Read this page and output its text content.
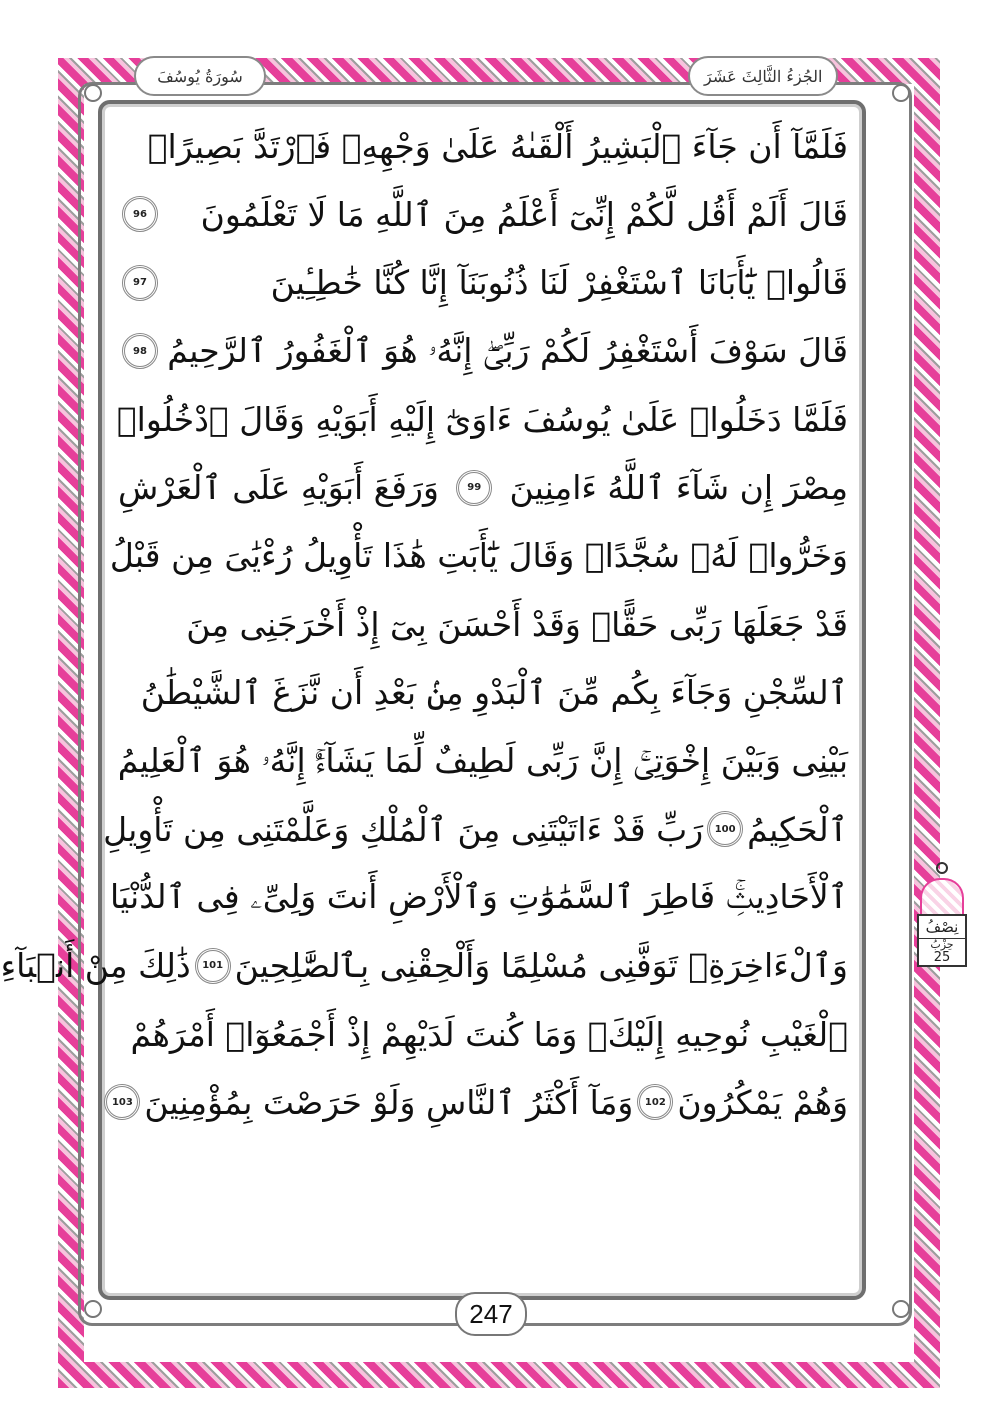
الجُزءُ الثَّالِثَ عَشَرَ
سُورَةُ يُوسُفَ
فَلَمَّآ أَن جَآءَ ٱلْبَشِيرُ أَلْقَىٰهُ عَلَىٰ وَجْهِهِۦ فَٱرْتَدَّ بَصِيرًاۖ
قَالَ أَلَمْ أَقُل لَّكُمْ إِنِّىٓ أَعْلَمُ مِنَ ٱللَّهِ مَا لَا تَعْلَمُونَ
96
قَالُوا۟ يَٰٓأَبَانَا ٱسْتَغْفِرْ لَنَا ذُنُوبَنَآ إِنَّا كُنَّا خَٰطِـِٔينَ
97
قَالَ سَوْفَ أَسْتَغْفِرُ لَكُمْ رَبِّىٓۖ إِنَّهُۥ هُوَ ٱلْغَفُورُ ٱلرَّحِيمُ
98
فَلَمَّا دَخَلُوا۟ عَلَىٰ يُوسُفَ ءَاوَىٰٓ إِلَيْهِ أَبَوَيْهِ وَقَالَ ٱدْخُلُوا۟
مِصْرَ إِن شَآءَ ٱللَّهُ ءَامِنِينَ
99
وَرَفَعَ أَبَوَيْهِ عَلَى ٱلْعَرْشِ
وَخَرُّوا۟ لَهُۥ سُجَّدًاۖ وَقَالَ يَٰٓأَبَتِ هَٰذَا تَأْوِيلُ رُءْيَٰىَ مِن قَبْلُ
قَدْ جَعَلَهَا رَبِّى حَقًّاۖ وَقَدْ أَحْسَنَ بِىٓ إِذْ أَخْرَجَنِى مِنَ
ٱلسِّجْنِ وَجَآءَ بِكُم مِّنَ ٱلْبَدْوِ مِنۢ بَعْدِ أَن نَّزَغَ ٱلشَّيْطَٰنُ
بَيْنِى وَبَيْنَ إِخْوَتِىٓۚ إِنَّ رَبِّى لَطِيفٌ لِّمَا يَشَآءُۚ إِنَّهُۥ هُوَ ٱلْعَلِيمُ
ٱلْحَكِيمُ
100
رَبِّ قَدْ ءَاتَيْتَنِى مِنَ ٱلْمُلْكِ وَعَلَّمْتَنِى مِن تَأْوِيلِ
ٱلْأَحَادِيثِۚ فَاطِرَ ٱلسَّمَٰوَٰتِ وَٱلْأَرْضِ أَنتَ وَلِىِّۦ فِى ٱلدُّنْيَا
وَٱلْءَاخِرَةِۖ تَوَفَّنِى مُسْلِمًا وَأَلْحِقْنِى بِٱلصَّٰلِحِينَ
101
ذَٰلِكَ مِنْ أَنۢبَآءِ
ٱلْغَيْبِ نُوحِيهِ إِلَيْكَۖ وَمَا كُنتَ لَدَيْهِمْ إِذْ أَجْمَعُوٓا۟ أَمْرَهُمْ
وَهُمْ يَمْكُرُونَ
102
وَمَآ أَكْثَرُ ٱلنَّاسِ وَلَوْ حَرَصْتَ بِمُؤْمِنِينَ
103
نِصْفُ
حِزْبُ
25
247
